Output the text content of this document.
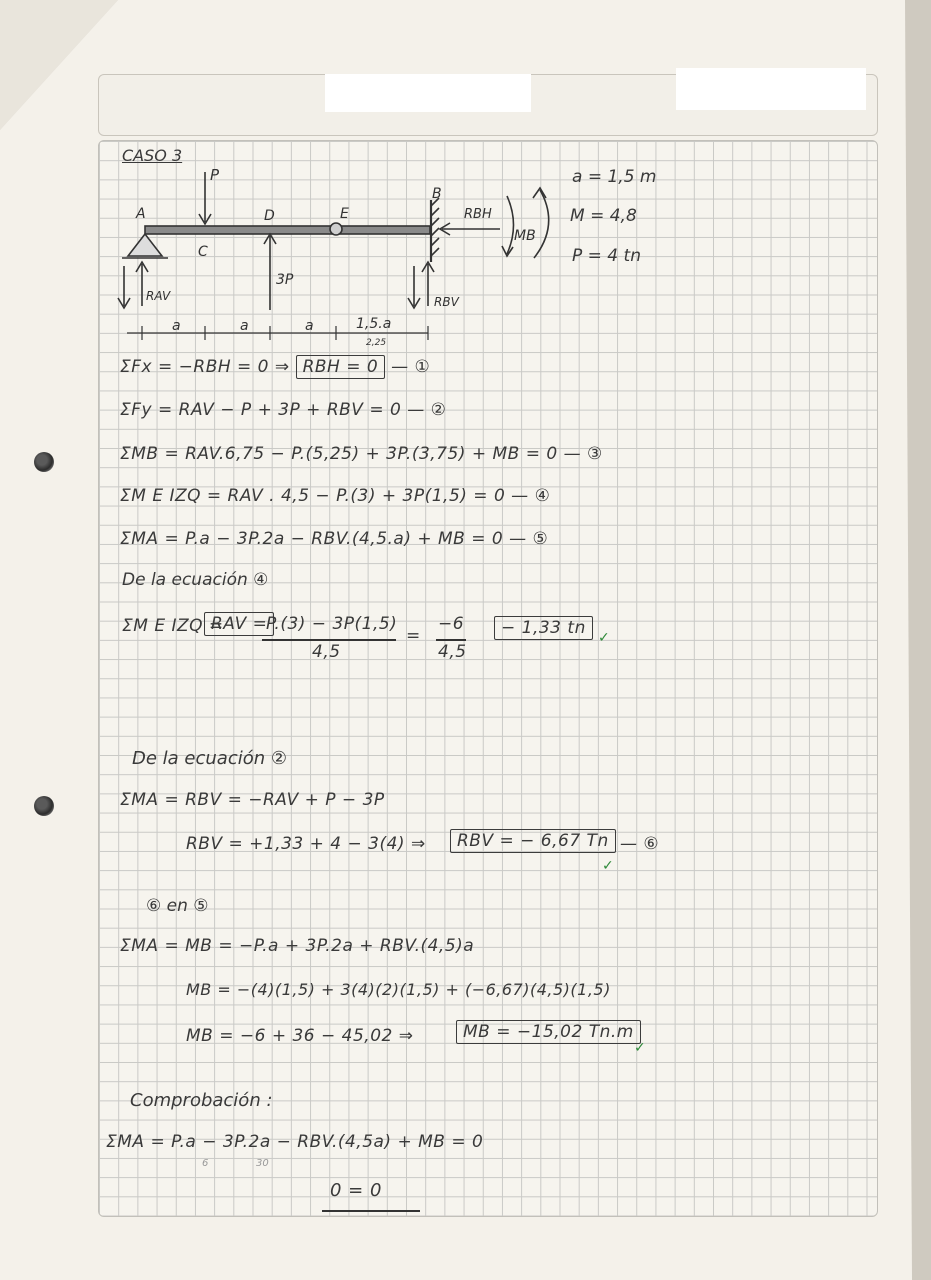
CASO 3
A
C
D	E
B
P
3P
RAV	RBV
RBH
MB
a	a	a	1,5.a
2,25
a = 1,5 m
M = 4,8
P = 4 tn
ΣFx = −RBH = 0 ⇒ RBH = 0 — ①
ΣFy = RAV − P + 3P + RBV = 0 — ②
ΣMB = RAV.6,75 − P.(5,25) + 3P.(3,75) + MB = 0 — ③
ΣM E IZQ = RAV . 4,5 − P.(3) + 3P(1,5) = 0 — ④
ΣMA = P.a − 3P.2a − RBV.(4,5.a) + MB = 0 — ⑤
De la ecuación ④
ΣM E IZQ =
RAV =
P.(3) − 3P(1,5)
4,5
=
−6
4,5
− 1,33 tn ✓
De la ecuación ②
ΣMA = RBV = −RAV + P − 3P
RBV = +1,33 + 4 − 3(4) ⇒	RBV = − 6,67 Tn — ⑥
✓
⑥ en ⑤
ΣMA = MB = −P.a + 3P.2a + RBV.(4,5)a
MB = −(4)(1,5) + 3(4)(2)(1,5) + (−6,67)(4,5)(1,5)
MB = −6 + 36 − 45,02 ⇒	MB = −15,02 Tn.m
✓
Comprobación :
ΣMA = P.a − 3P.2a − RBV.(4,5a) + MB = 0
6	30
0 = 0
